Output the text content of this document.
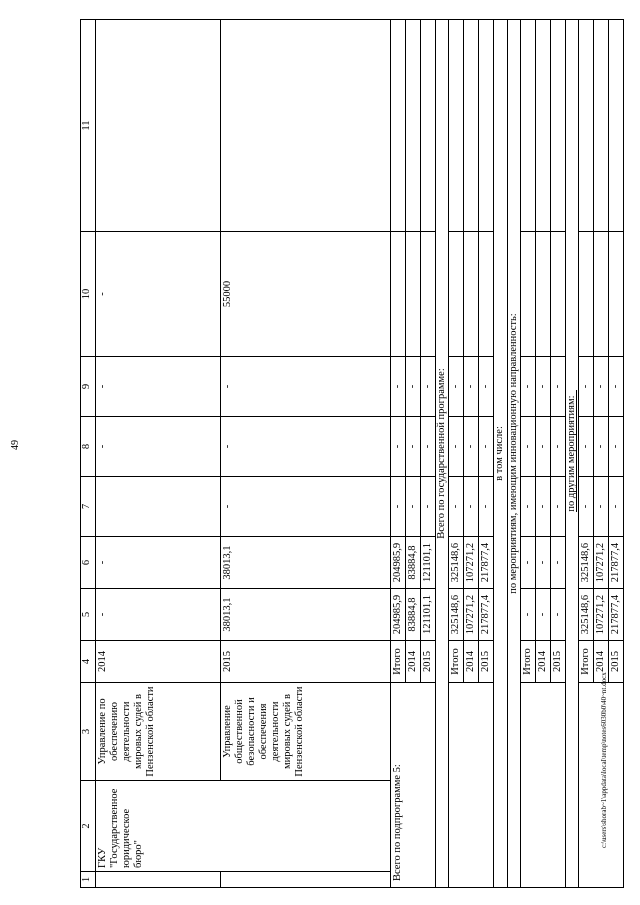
49
c:\users\shorab~1\appdata\local\temp\notes6030b0\40~nt.docx
1	2	3	4	5	6	7	8	9	10	11
	ГКУ "Государственное юридическое бюро"	Управление по обеспечению деятельности мировых судей в Пензенской области	2014	-	-		-	-	-	
		Управление общественной безопасности и обеспечения деятельности мировых судей в Пензенской области	2015	38013,1	38013,1	-	-	-	55000	
Всего по подпрограмме 5:			Итого	204985,9	204985,9	-	-	-		
			2014	83884,8	83884,8	-	-	-		
			2015	121101,1	121101,1	-	-	-		
Всего по государственной программе:										
			Итого	325148,6	325148,6	-	-	-		
			2014	107271,2	107271,2	-	-	-		
			2015	217877,4	217877,4	-	-	-		
в том числе:										
по мероприятиям, имеющим инновационную направленность:										
			Итого	-	-	-	-	-		
			2014	-	-	-	-	-		
			2015	-	-	-	-	-		
по другим мероприятиям:										
			Итого	325148,6	325148,6	-	-	-		
			2014	107271,2	107271,2	-	-	-		
			2015	217877,4	217877,4	-	-	-		
